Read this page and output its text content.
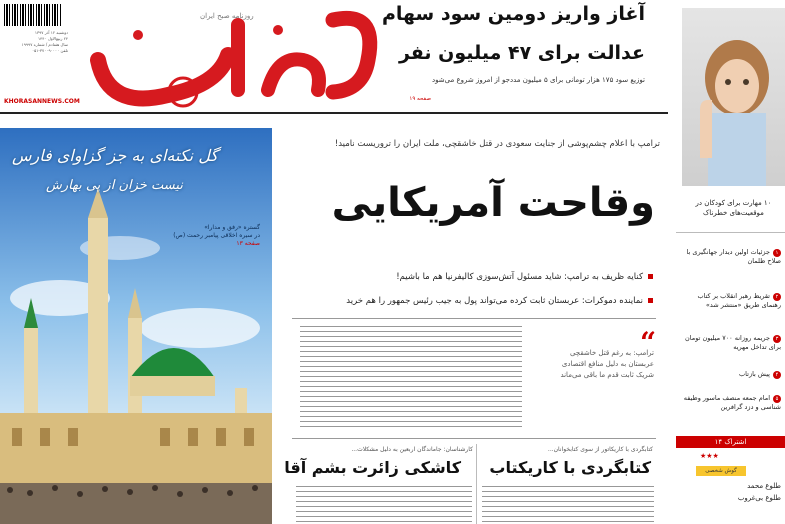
دوشنبه ۱۲ آذر ۱۳۹۷
۲۴ ربیع‌الاول ۱۴۴۰
سال هفتادم / شماره ۱۹۹۹۷
تلفن ۳۷۰۰۹۰۰۰۰-۰۵۱
KHORASANNEWS.COM
روزنامه صبح ایران	آغاز واریز دومین سود سهام
عدالت برای ۴۷ میلیون نفر
توزیع سود ۱۷۵ هزار تومانی برای ۵ میلیون مددجو از امروز شروع می‌شود
صفحه ۱۹
گل نکته‌ای به جز گزاوای فارس
نیست خزان از پی بهارش
گستره «رفق و مدارا»
در سیره اخلاقی پیامبر رحمت (ص)
صفحه ۱۳
ترامپ با اعلام چشم‌پوشی از جنایت سعودی در قتل خاشقچی، ملت ایران را تروریست نامید!
وقاحت آمریکایی
کنایه ظریف به ترامپ: شاید مسئول آتش‌سوزی کالیفرنیا هم ما باشیم!
نماینده دموکرات: عربستان ثابت کرده می‌تواند پول به جیب رئیس جمهور را هم خرید
“
ترامپ: به رغم قتل خاشقچی
عربستان به دلیل منافع اقتصادی
شریک ثابت قدم ما باقی می‌ماند
کارشناسان: جاماندگان اربعین به دلیل مشکلات...
کاشکی زائرت بشم آقا
کتابگردی با کاریکاتور از سوی کتابخوانان...
کتابگردی با کاریکتاب
۱۰ مهارت برای کودکان در موقعیت‌های خطرناک
۱جزئیات اولین دیدار جهانگیری با صلاح ظلمان
۲تقریظ رهبر انقلاب بر کتاب رهنمای طریق «منتشر شد»
۳جریمه روزانه ۷۰۰ میلیون تومان برای تداخل مهریه
۴پیش بازتاب
۵امام جمعه منصف ماسور وظیفه شناسی و دزد گرافرین
۱۴ اشتراک
★★★
گوش شخصی
طلوع محمد
طلوع بی‌غروب
